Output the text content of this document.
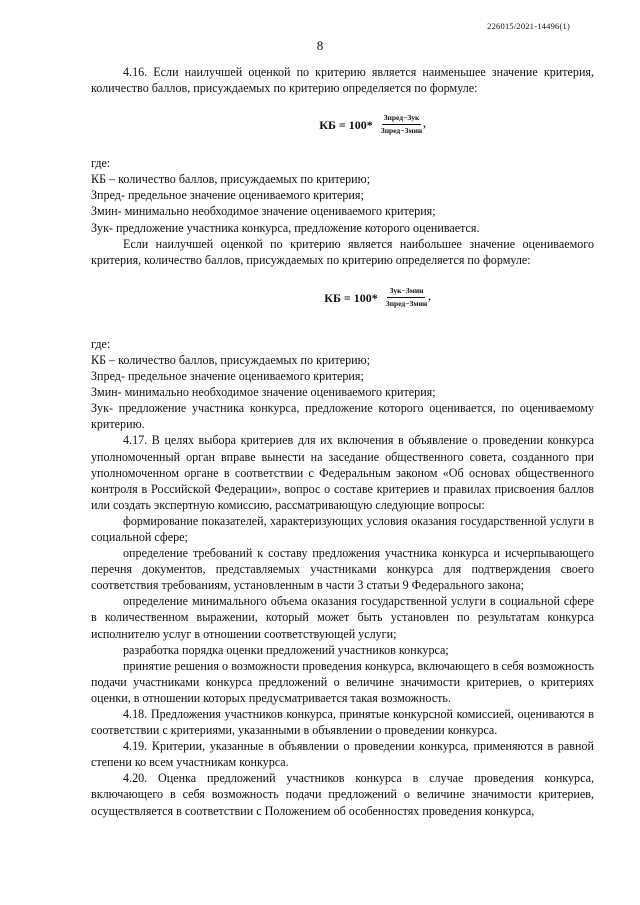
226015/2021-14496(1)
8

4.16. Если наилучшей оценкой по критерию является наименьшее значение критерия, количество баллов, присуждаемых по критерию определяется по формуле:

КБ = $100* \frac{\text{Зпред−Зук}}{\text{Зпред−Змин}}$ ,

где:

КБ – количество баллов, присуждаемых по критерию;

Зпред- предельное значение оцениваемого критерия;

Змин- минимально необходимое значение оцениваемого критерия;

Зук- предложение участника конкурса, предложение которого оценивается.

Если наилучшей оценкой по критерию является наибольшее значение оцениваемого критерия, количество баллов, присуждаемых по критерию определяется по формуле:

КБ = $100* \frac{\text{Зук−Змин}}{\text{Зпред−Змин}}$ ,

где:

КБ – количество баллов, присуждаемых по критерию;

Зпред- предельное значение оцениваемого критерия;

Змин- минимально необходимое значение оцениваемого критерия;

Зук- предложение участника конкурса, предложение которого оценивается, по оцениваемому критерию.

4.17. В целях выбора критериев для их включения в объявление о проведении конкурса уполномоченный орган вправе вынести на заседание общественного совета, созданного при уполномоченном органе в соответствии с Федеральным законом «Об основах общественного контроля в Российской Федерации», вопрос о составе критериев и правилах присвоения баллов или создать экспертную комиссию, рассматривающую следующие вопросы:

формирование показателей, характеризующих условия оказания государственной услуги в социальной сфере;

определение требований к составу предложения участника конкурса и исчерпывающего перечня документов, представляемых участниками конкурса для подтверждения своего соответствия требованиям, установленным в части 3 статьи 9 Федерального закона;

определение минимального объема оказания государственной услуги в социальной сфере в количественном выражении, который может быть установлен по результатам конкурса исполнителю услуг в отношении соответствующей услуги;

разработка порядка оценки предложений участников конкурса;

принятие решения о возможности проведения конкурса, включающего в себя возможность подачи участниками конкурса предложений о величине значимости критериев, о критериях оценки, в отношении которых предусматривается такая возможность.

4.18. Предложения участников конкурса, принятые конкурсной комиссией, оцениваются в соответствии с критериями, указанными в объявлении о проведении конкурса.

4.19. Критерии, указанные в объявлении о проведении конкурса, применяются в равной степени ко всем участникам конкурса.

4.20. Оценка предложений участников конкурса в случае проведения конкурса, включающего в себя возможность подачи предложений о величине значимости критериев, осуществляется в соответствии с Положением об особенностях проведения конкурса,
